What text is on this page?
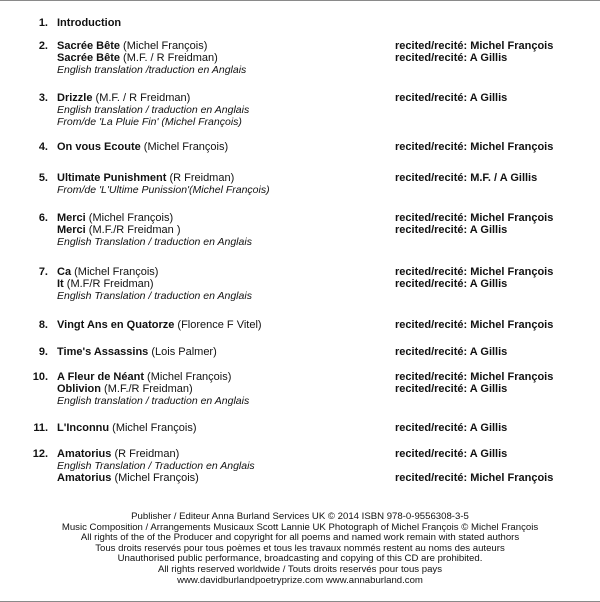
1. Introduction
2. Sacrée Bête (Michel François)	recited/recité: Michel François
Sacrée Bête (M.F. / R Freidman)	recited/recité: A Gillis
English translation /traduction en Anglais
3. Drizzle (M.F. / R Freidman)	recited/recité: A Gillis
English translation / traduction en Anglais
From/de 'La Pluie Fin' (Michel François)
4. On vous Ecoute (Michel François)	recited/recité: Michel François
5. Ultimate Punishment (R Freidman)	recited/recité: M.F. / A Gillis
From/de 'L'Ultime Punission'(Michel François)
6. Merci (Michel François)	recited/recité: Michel François
Merci (M.F./R Freidman )	recited/recité: A Gillis
English Translation / traduction en Anglais
7. Ca (Michel François)	recited/recité: Michel François
It (M.F/R Freidman)	recited/recité: A Gillis
English Translation / traduction en Anglais
8. Vingt Ans en Quatorze (Florence F Vitel)	recited/recité: Michel François
9. Time's Assassins (Lois Palmer)	recited/recité: A Gillis
10. A Fleur de Néant (Michel François)	recited/recité: Michel François
Oblivion (M.F./R Freidman)	recited/recité: A Gillis
English translation / traduction en Anglais
11. L'Inconnu (Michel François)	recited/recité: A Gillis
12. Amatorius (R Freidman)	recited/recité: A Gillis
English Translation / Traduction en Anglais
Amatorius (Michel François)	recited/recité: Michel François
Publisher / Editeur Anna Burland Services UK © 2014 ISBN 978-0-9556308-3-5
Music Composition / Arrangements Musicaux Scott Lannie UK Photograph of Michel François © Michel François
All rights of the of the Producer and copyright for all poems and named work remain with stated authors
Tous droits reservés pour tous poèmes et tous les travaux nommés restent au noms des auteurs
Unauthorised public performance, broadcasting and copying of this CD are prohibited.
All rights reserved worldwide / Touts droits reservés pour tous pays
www.davidburlandpoetryprize.com www.annaburland.com
